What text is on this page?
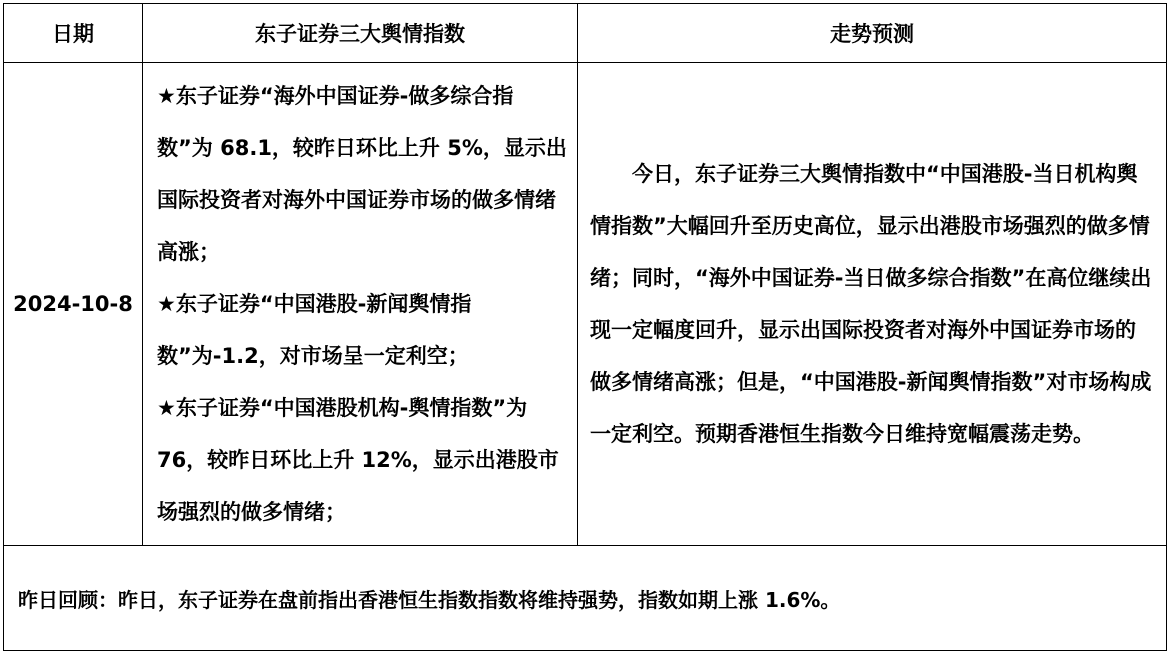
日期	东子证券三大舆情指数	走势预测
2024-10-8	★东子证券“海外中国证券-做多综合指数”为 68.1，较昨日环比上升 5%，显示出国际投资者对海外中国证券市场的做多情绪高涨；

★东子证券“中国港股-新闻舆情指数”为-1.2，对市场呈一定利空；

★东子证券“中国港股机构-舆情指数”为 76，较昨日环比上升 12%，显示出港股市场强烈的做多情绪；	今日，东子证券三大舆情指数中“中国港股-当日机构舆情指数”大幅回升至历史高位，显示出港股市场强烈的做多情绪；同时，“海外中国证券-当日做多综合指数”在高位继续出现一定幅度回升，显示出国际投资者对海外中国证券市场的做多情绪高涨；但是，“中国港股-新闻舆情指数”对市场构成一定利空。预期香港恒生指数今日维持宽幅震荡走势。

昨日回顾：昨日，东子证券在盘前指出香港恒生指数指数将维持强势，指数如期上涨 1.6%。		
